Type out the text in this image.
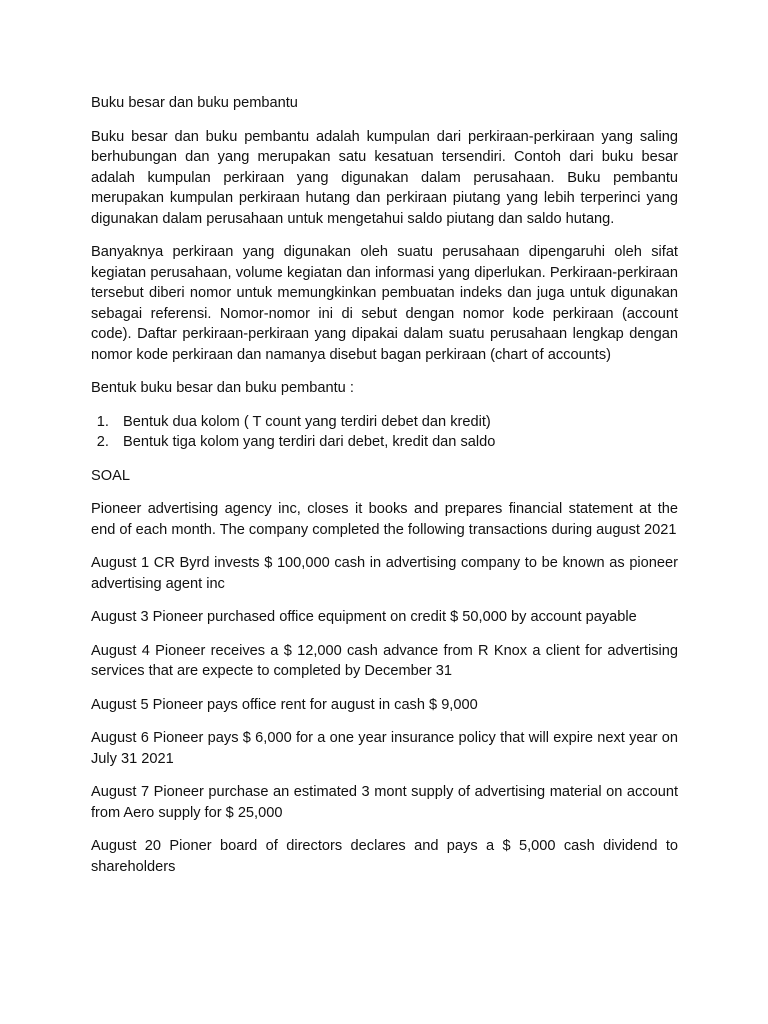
Buku besar dan buku pembantu

Buku besar dan buku pembantu adalah kumpulan dari perkiraan-perkiraan yang saling berhubungan dan yang merupakan satu kesatuan tersendiri. Contoh dari buku besar adalah kumpulan perkiraan yang digunakan dalam perusahaan. Buku pembantu merupakan kumpulan perkiraan hutang dan perkiraan piutang yang lebih terperinci yang digunakan dalam perusahaan untuk mengetahui saldo piutang dan saldo hutang.

Banyaknya perkiraan yang digunakan oleh suatu perusahaan dipengaruhi oleh sifat kegiatan perusahaan, volume kegiatan dan informasi yang diperlukan. Perkiraan-perkiraan tersebut diberi nomor untuk memungkinkan pembuatan indeks dan juga untuk digunakan sebagai referensi. Nomor-nomor ini di sebut dengan nomor kode perkiraan (account code). Daftar perkiraan-perkiraan yang dipakai dalam suatu perusahaan lengkap dengan nomor kode perkiraan dan namanya disebut bagan perkiraan (chart of accounts)

Bentuk buku besar dan buku pembantu :

1. Bentuk dua kolom ( T count yang terdiri debet dan kredit)
2. Bentuk tiga kolom yang terdiri dari debet, kredit dan saldo

SOAL

Pioneer advertising agency inc, closes it books and prepares financial statement at the end of each month. The company completed the following transactions during august 2021

August 1 CR Byrd invests $ 100,000 cash in advertising company to be known as pioneer advertising agent inc

August 3 Pioneer purchased office equipment on credit $ 50,000 by account payable

August 4 Pioneer receives a $ 12,000 cash advance from R Knox a client for advertising services that are expecte to completed by December 31

August 5 Pioneer pays office rent for august in cash $ 9,000

August 6 Pioneer pays $ 6,000 for a one year insurance policy that will expire next year on July 31 2021

August 7 Pioneer purchase an estimated 3 mont supply of advertising material on account from Aero supply for $ 25,000

August 20 Pioner board of directors declares and pays a $ 5,000 cash dividend to shareholders
